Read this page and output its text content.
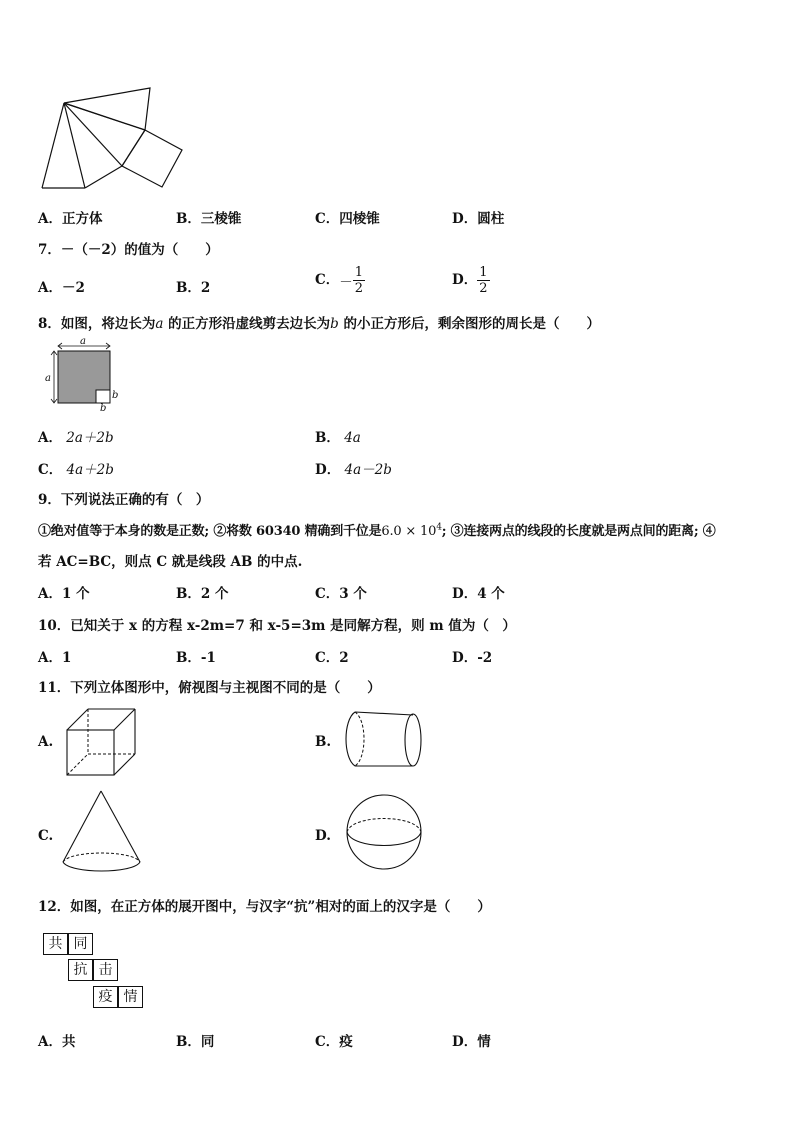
A．正方体	B．三棱锥	C．四棱锥	D．圆柱
7．－（－2）的值为（　　）
A．－2	B．2	C．－ $\frac{1}{2}$	D． $\frac{1}{2}$
8．如图，将边长为a 的正方形沿虚线剪去边长为b 的小正方形后，剩余图形的周长是（　　）
a
a
b
b
A． 2a＋2b	B． 4a
C． 4a＋2b	D． 4a－2b
9．下列说法正确的有（　）
①绝对值等于本身的数是正数; ②将数 60340 精确到千位是$6.0 \times 10^4$; ③连接两点的线段的长度就是两点间的距离; ④
若 AC=BC，则点 C 就是线段 AB 的中点.
A．1 个	B．2 个	C．3 个	D．4 个
10．已知关于 x 的方程 x-2m=7 和 x-5=3m 是同解方程，则 m 值为（　）
A．1	B．-1	C．2	D．-2
11．下列立体图形中，俯视图与主视图不同的是（　　）
A.	B.
C.	D.
12．如图，在正方体的展开图中，与汉字“抗”相对的面上的汉字是（　　）
共 同
抗 击
疫 情
A．共	B．同	C．疫	D．情
